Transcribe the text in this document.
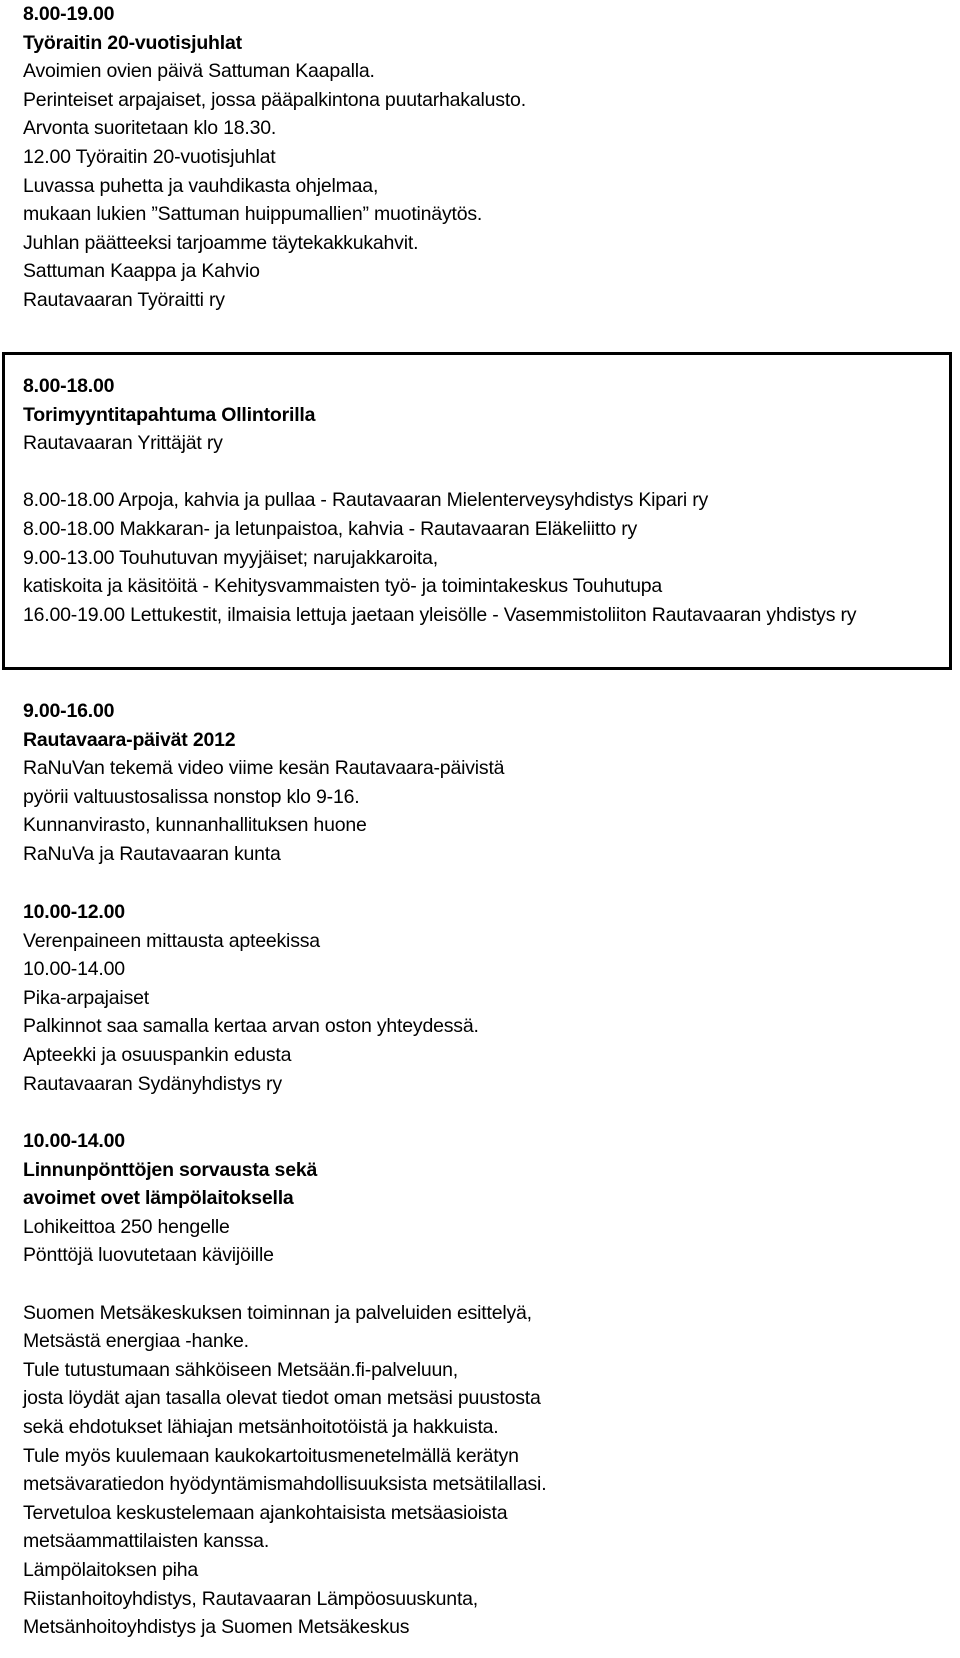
8.00-19.00
Työraitin 20-vuotisjuhlat
Avoimien ovien päivä Sattuman Kaapalla.
Perinteiset arpajaiset, jossa pääpalkintona puutarhakalusto.
Arvonta suoritetaan klo 18.30.
12.00 Työraitin 20-vuotisjuhlat
Luvassa puhetta ja vauhdikasta ohjelmaa,
mukaan lukien ”Sattuman huippumallien” muotinäytös.
Juhlan päätteeksi tarjoamme täytekakkukahvit.
Sattuman Kaappa ja Kahvio
Rautavaaran Työraitti ry
8.00-18.00
Torimyyntitapahtuma Ollintorilla
Rautavaaran Yrittäjät ry
8.00-18.00 Arpoja, kahvia ja pullaa - Rautavaaran Mielenterveysyhdistys Kipari ry
8.00-18.00 Makkaran- ja letunpaistoa, kahvia - Rautavaaran Eläkeliitto ry
9.00-13.00 Touhutuvan myyjäiset; narujakkaroita,
katiskoita ja käsitöitä - Kehitysvammaisten työ- ja toimintakeskus Touhutupa
16.00-19.00 Lettukestit, ilmaisia lettuja jaetaan yleisölle - Vasemmistoliiton Rautavaaran yhdistys ry
9.00-16.00
Rautavaara-päivät 2012
RaNuVan tekemä video viime kesän Rautavaara-päivistä
pyörii valtuustosalissa nonstop klo 9-16.
Kunnanvirasto, kunnanhallituksen huone
RaNuVa ja Rautavaaran kunta
10.00-12.00
Verenpaineen mittausta apteekissa
10.00-14.00
Pika-arpajaiset
Palkinnot saa samalla kertaa arvan oston yhteydessä.
Apteekki ja osuuspankin edusta
Rautavaaran Sydänyhdistys ry
10.00-14.00
Linnunpönttöjen sorvausta sekä
avoimet ovet lämpölaitoksella
Lohikeittoa 250 hengelle
Pönttöjä luovutetaan kävijöille
Suomen Metsäkeskuksen toiminnan ja palveluiden esittelyä,
Metsästä energiaa -hanke.
Tule tutustumaan sähköiseen Metsään.fi-palveluun,
josta löydät ajan tasalla olevat tiedot oman metsäsi puustosta
sekä ehdotukset lähiajan metsänhoitotöistä ja hakkuista.
Tule myös kuulemaan kaukokartoitusmenetelmällä kerätyn
metsävaratiedon hyödyntämismahdollisuuksista metsätilallasi.
Tervetuloa keskustelemaan ajankohtaisista metsäasioista
metsäammattilaisten kanssa.
Lämpölaitoksen piha
Riistanhoitoyhdistys, Rautavaaran Lämpöosuuskunta,
Metsänhoitoyhdistys ja Suomen Metsäkeskus
